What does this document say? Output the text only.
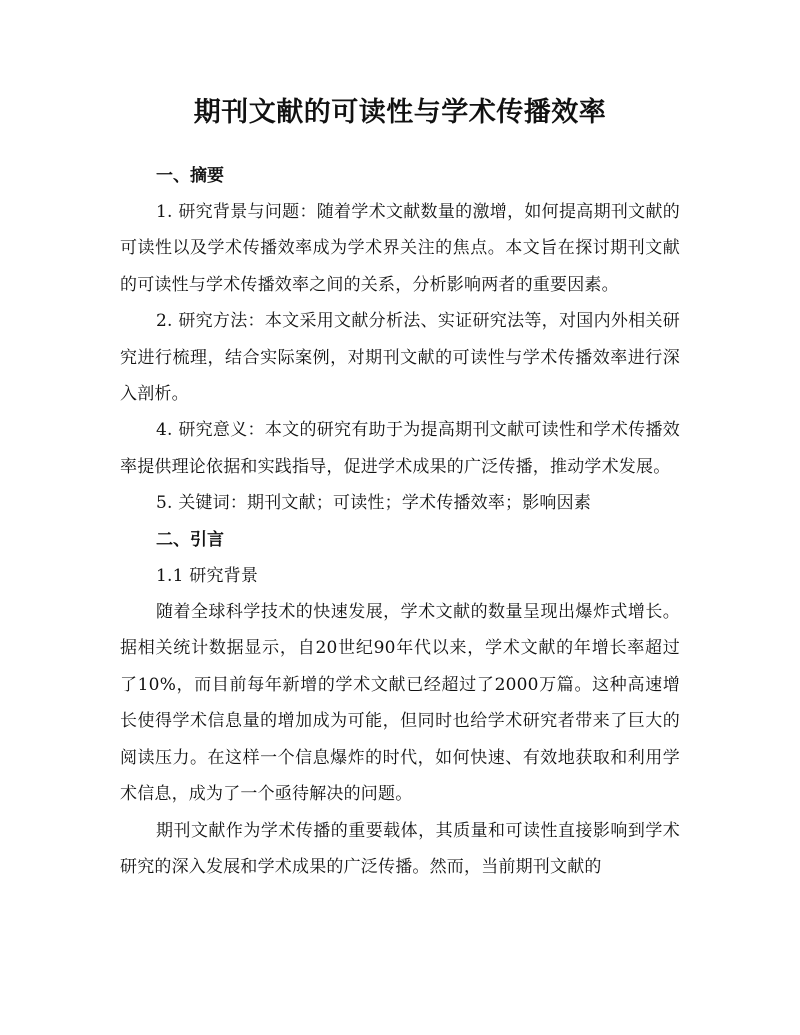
期刊文献的可读性与学术传播效率

一、摘要

1. 研究背景与问题：随着学术文献数量的激增，如何提高期刊文献的可读性以及学术传播效率成为学术界关注的焦点。本文旨在探讨期刊文献的可读性与学术传播效率之间的关系，分析影响两者的重要因素。

2. 研究方法：本文采用文献分析法、实证研究法等，对国内外相关研究进行梳理，结合实际案例，对期刊文献的可读性与学术传播效率进行深入剖析。

4. 研究意义：本文的研究有助于为提高期刊文献可读性和学术传播效率提供理论依据和实践指导，促进学术成果的广泛传播，推动学术发展。

5. 关键词：期刊文献；可读性；学术传播效率；影响因素

二、引言

1.1 研究背景

随着全球科学技术的快速发展，学术文献的数量呈现出爆炸式增长。据相关统计数据显示，自20世纪90年代以来，学术文献的年增长率超过了10%，而目前每年新增的学术文献已经超过了2000万篇。这种高速增长使得学术信息量的增加成为可能，但同时也给学术研究者带来了巨大的阅读压力。在这样一个信息爆炸的时代，如何快速、有效地获取和利用学术信息，成为了一个亟待解决的问题。

期刊文献作为学术传播的重要载体，其质量和可读性直接影响到学术研究的深入发展和学术成果的广泛传播。然而，当前期刊文献的
